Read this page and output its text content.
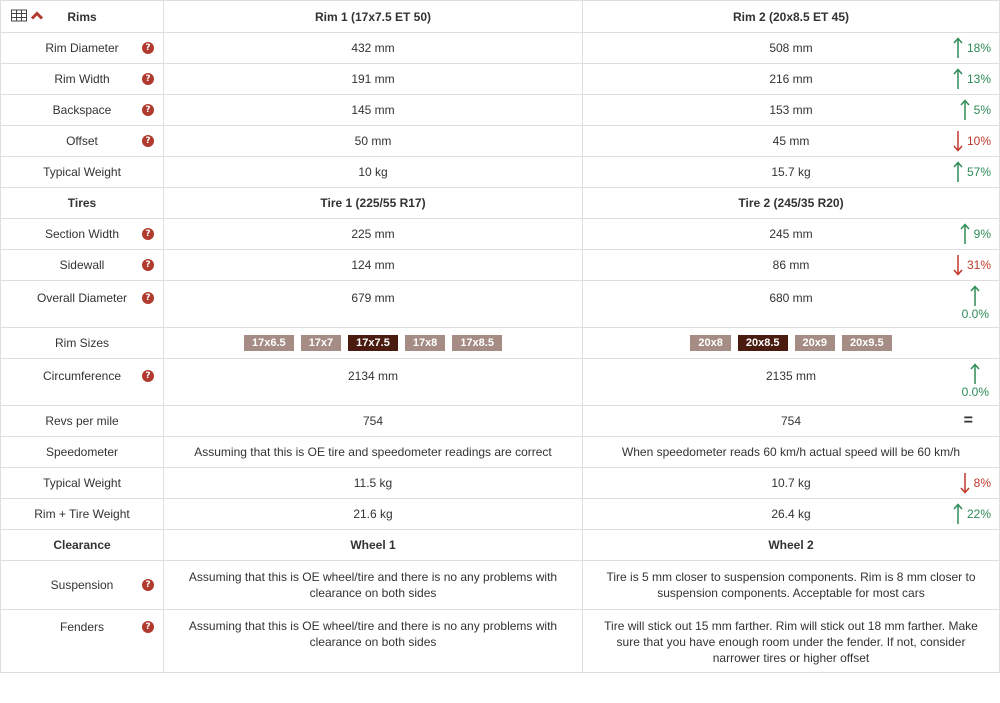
Rims	Rim 1 (17x7.5 ET 50)	Rim 2 (20x8.5 ET 45)
Rim Diameter ?	432 mm	508 mm 18%

Rim Width ?	191 mm	216 mm 13%

Backspace ?	145 mm	153 mm 5%

Offset ?	50 mm	45 mm 10%

Typical Weight	10 kg	15.7 kg 57%

Tires	Tire 1 (225/55 R17)	Tire 2 (245/35 R20)
Section Width ?	225 mm	245 mm 9%

Sidewall ?	124 mm	86 mm 31%

Overall Diameter ?	679 mm	680 mm
0.0%

Rim Sizes	17x6.5 17x7 17x7.5 17x8 17x8.5	20x8 20x8.5 20x9 20x9.5

Circumference ?	2134 mm	2135 mm
0.0%

Revs per mile	754	754 =

Speedometer	Assuming that this is OE tire and speedometer readings are correct	When speedometer reads 60 km/h actual speed will be 60 km/h
Typical Weight	11.5 kg	10.7 kg 8%

Rim + Tire Weight	21.6 kg	26.4 kg 22%

Clearance	Wheel 1	Wheel 2
Suspension ?	Assuming that this is OE wheel/tire and there is no any problems with clearance on both sides	Tire is 5 mm closer to suspension components. Rim is 8 mm closer to suspension components. Acceptable for most cars

Fenders ?	Assuming that this is OE wheel/tire and there is no any problems with clearance on both sides	Tire will stick out 15 mm farther. Rim will stick out 18 mm farther. Make sure that you have enough room under the fender. If not, consider narrower tires or higher offset
